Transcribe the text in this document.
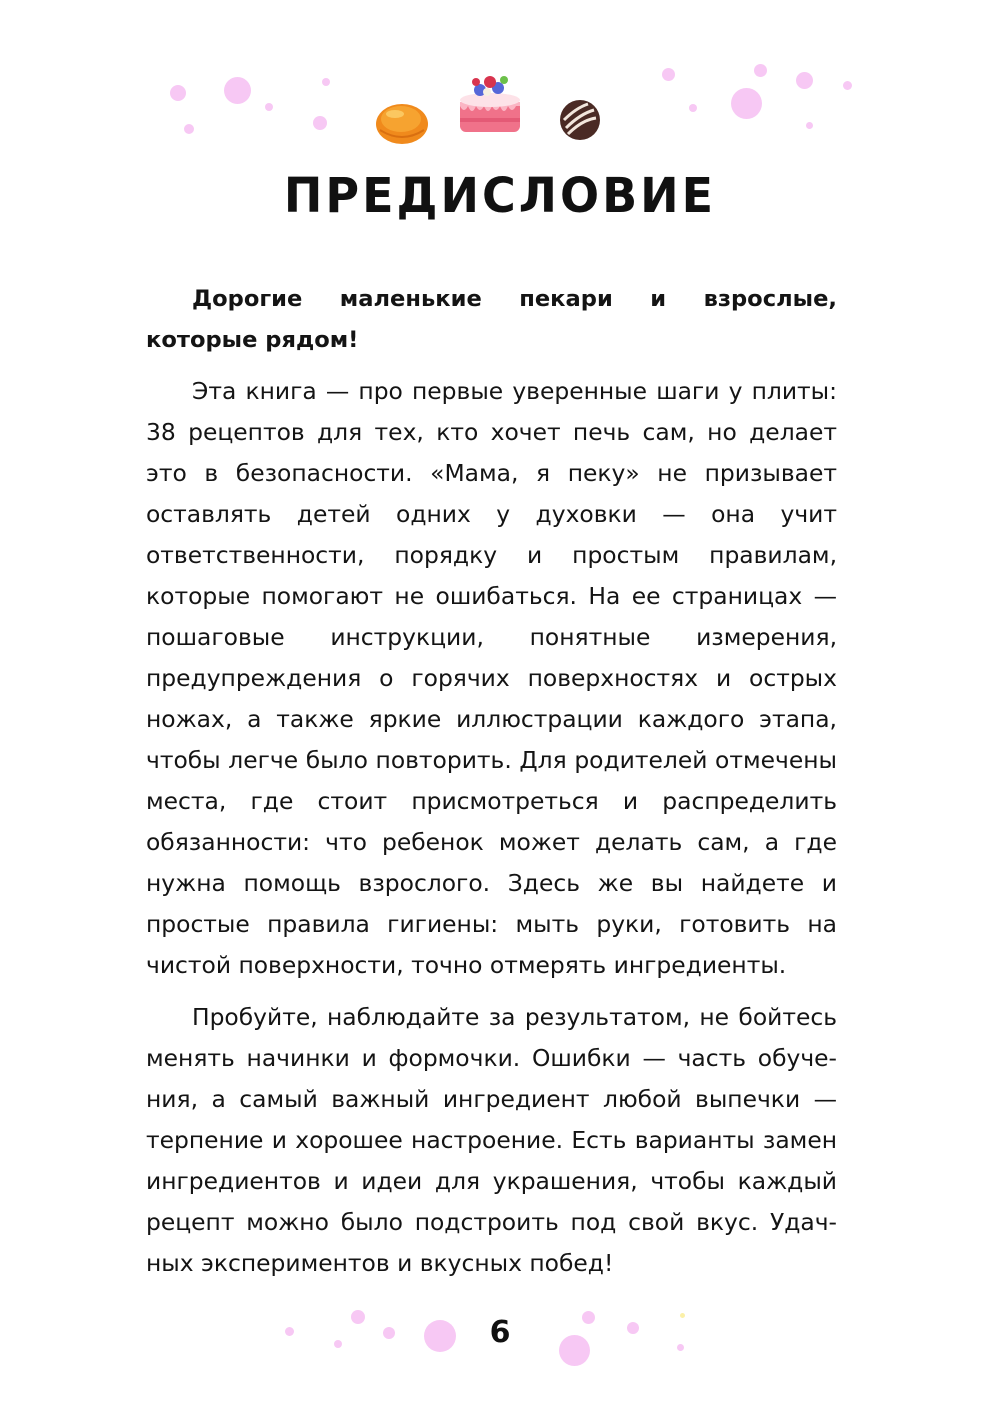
ПРЕДИСЛОВИЕ

Дорогие маленькие пекари и взрослые, которые рядом!

Эта книга — про первые уверенные шаги у плиты: 38 рецептов для тех, кто хочет печь сам, но делает это в безопасности. «Мама, я пеку» не призывает оставлять детей одних у духовки — она учит ответственности, порядку и простым правилам, которые помогают не ошибаться. На ее страницах — пошаговые инструкции, понятные измерения, предупреждения о горячих поверхностях и острых ножах, а также яркие иллюстрации каждого этапа, чтобы легче было повторить. Для родителей отмечены места, где стоит присмотреться и распределить обязанности: что ребенок может делать сам, а где нужна помощь взрослого. Здесь же вы найдете и простые правила гигиены: мыть руки, готовить на чистой поверхности, точно отмерять ингредиенты.

Пробуйте, наблюдайте за результатом, не бойтесь менять начинки и формочки. Ошибки — часть обучения, а самый важный ингредиент любой выпечки — терпение и хорошее настроение. Есть варианты замен ингредиентов и идеи для украшения, чтобы каждый рецепт можно было подстроить под свой вкус. Удачных экспериментов и вкусных побед!

6
